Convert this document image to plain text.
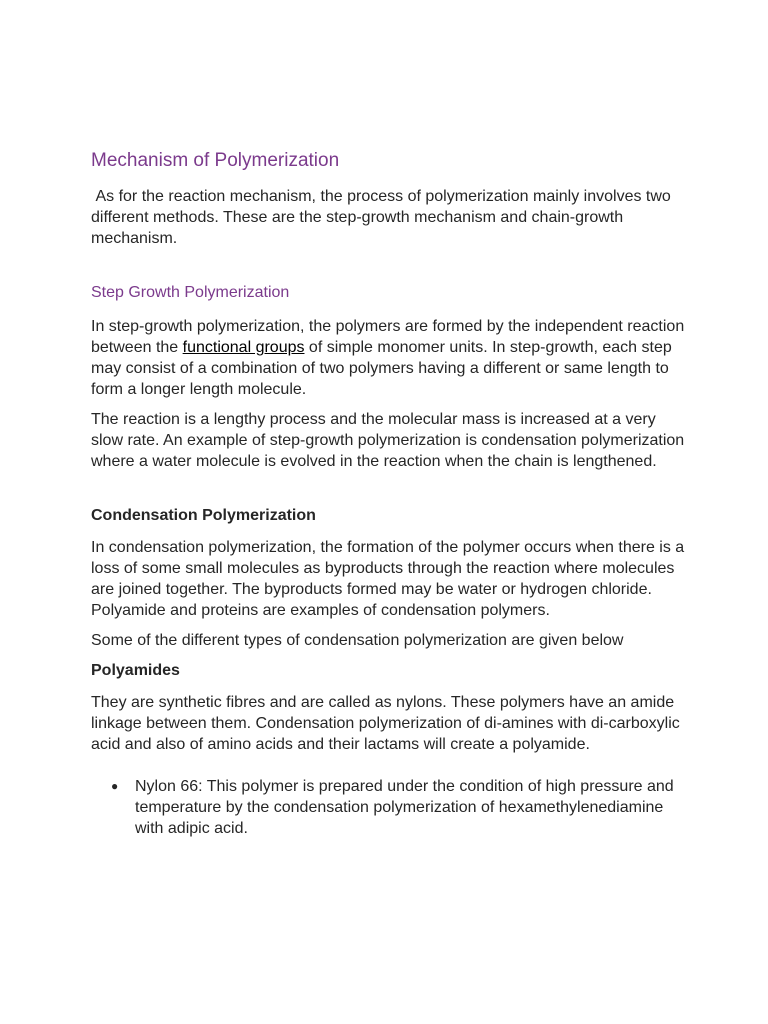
Mechanism of Polymerization

As for the reaction mechanism, the process of polymerization mainly involves two different methods. These are the step-growth mechanism and chain-growth mechanism.

Step Growth Polymerization

In step-growth polymerization, the polymers are formed by the independent reaction between the functional groups of simple monomer units. In step-growth, each step may consist of a combination of two polymers having a different or same length to form a longer length molecule.

The reaction is a lengthy process and the molecular mass is increased at a very slow rate. An example of step-growth polymerization is condensation polymerization where a water molecule is evolved in the reaction when the chain is lengthened.

Condensation Polymerization

In condensation polymerization, the formation of the polymer occurs when there is a loss of some small molecules as byproducts through the reaction where molecules are joined together. The byproducts formed may be water or hydrogen chloride. Polyamide and proteins are examples of condensation polymers.

Some of the different types of condensation polymerization are given below

Polyamides

They are synthetic fibres and are called as nylons. These polymers have an amide linkage between them. Condensation polymerization of di-amines with di-carboxylic acid and also of amino acids and their lactams will create a polyamide.

● Nylon 66: This polymer is prepared under the condition of high pressure and temperature by the condensation polymerization of hexamethylenediamine with adipic acid.
